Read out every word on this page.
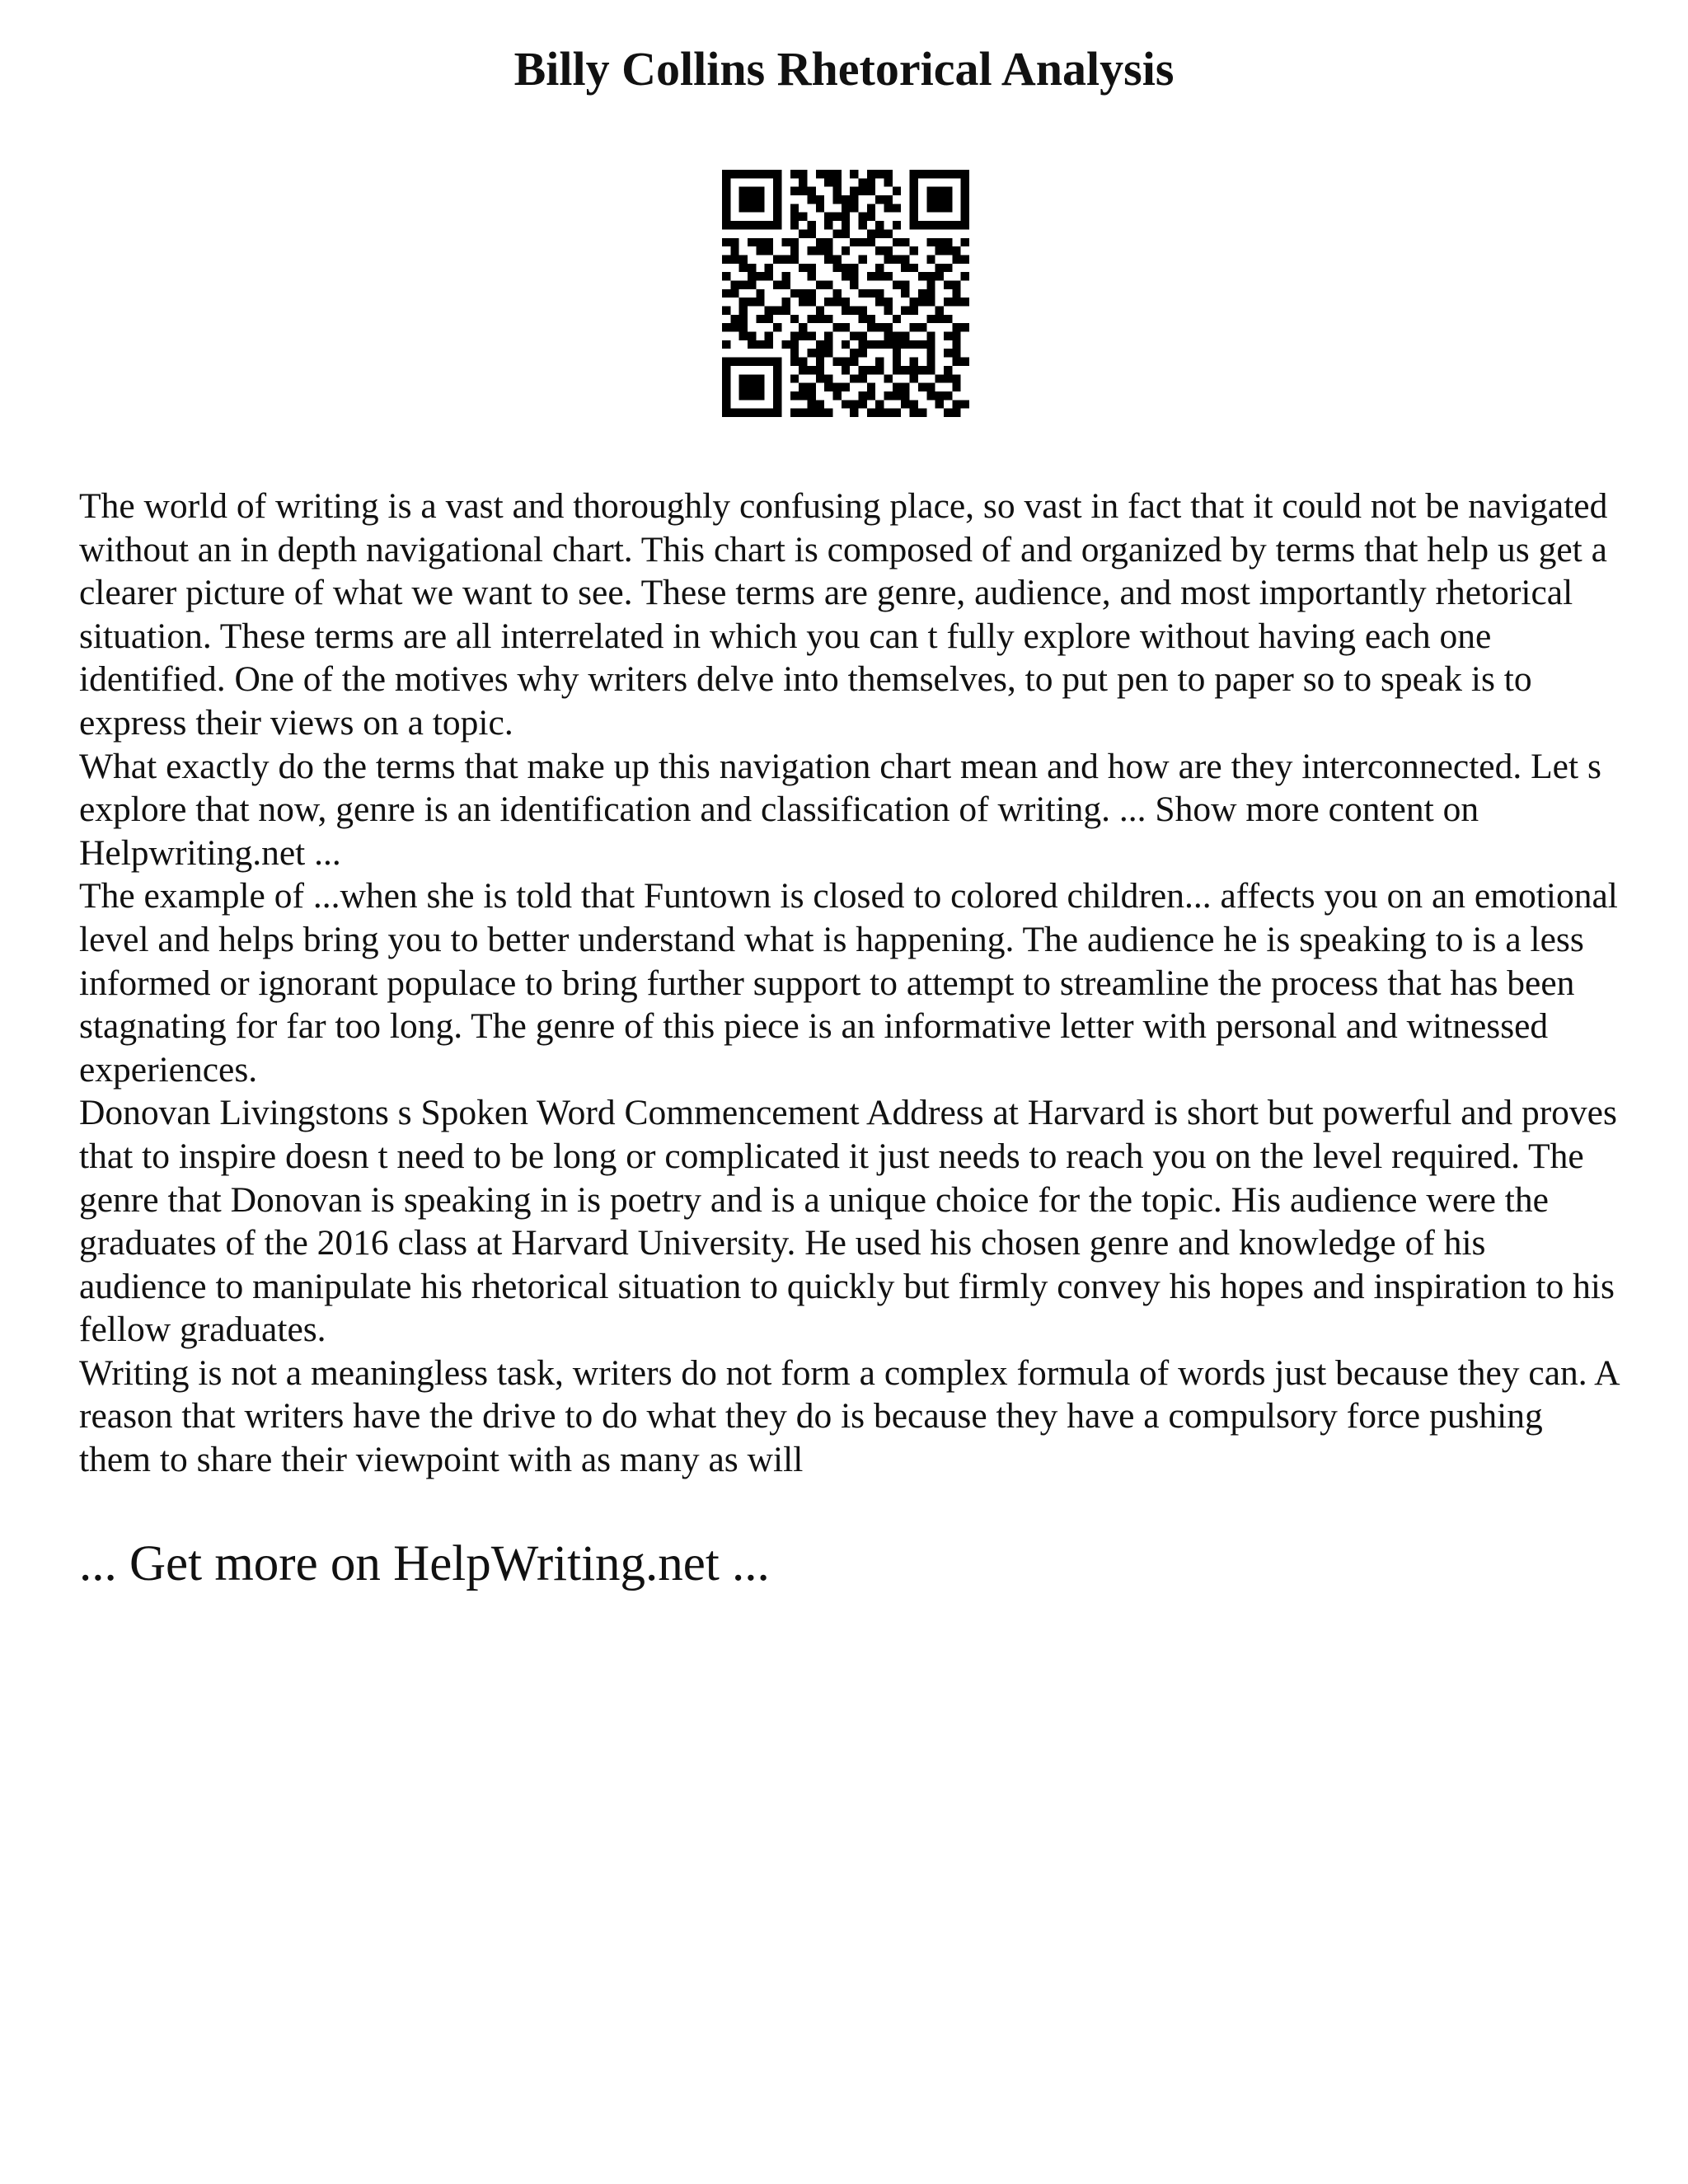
Billy Collins Rhetorical Analysis

The world of writing is a vast and thoroughly confusing place, so vast in fact that it could not be navigated without an in depth navigational chart. This chart is composed of and organized by terms that help us get a clearer picture of what we want to see. These terms are genre, audience, and most importantly rhetorical situation. These terms are all interrelated in which you can t fully explore without having each one identified. One of the motives why writers delve into themselves, to put pen to paper so to speak is to express their views on a topic.

What exactly do the terms that make up this navigation chart mean and how are they interconnected. Let s explore that now, genre is an identification and classification of writing. ... Show more content on Helpwriting.net ...

The example of ...when she is told that Funtown is closed to colored children... affects you on an emotional level and helps bring you to better understand what is happening. The audience he is speaking to is a less informed or ignorant populace to bring further support to attempt to streamline the process that has been stagnating for far too long. The genre of this piece is an informative letter with personal and witnessed experiences.

Donovan Livingstons s Spoken Word Commencement Address at Harvard is short but powerful and proves that to inspire doesn t need to be long or complicated it just needs to reach you on the level required. The genre that Donovan is speaking in is poetry and is a unique choice for the topic. His audience were the graduates of the 2016 class at Harvard University. He used his chosen genre and knowledge of his audience to manipulate his rhetorical situation to quickly but firmly convey his hopes and inspiration to his fellow graduates.

Writing is not a meaningless task, writers do not form a complex formula of words just because they can. A reason that writers have the drive to do what they do is because they have a compulsory force pushing them to share their viewpoint with as many as will

... Get more on HelpWriting.net ...
